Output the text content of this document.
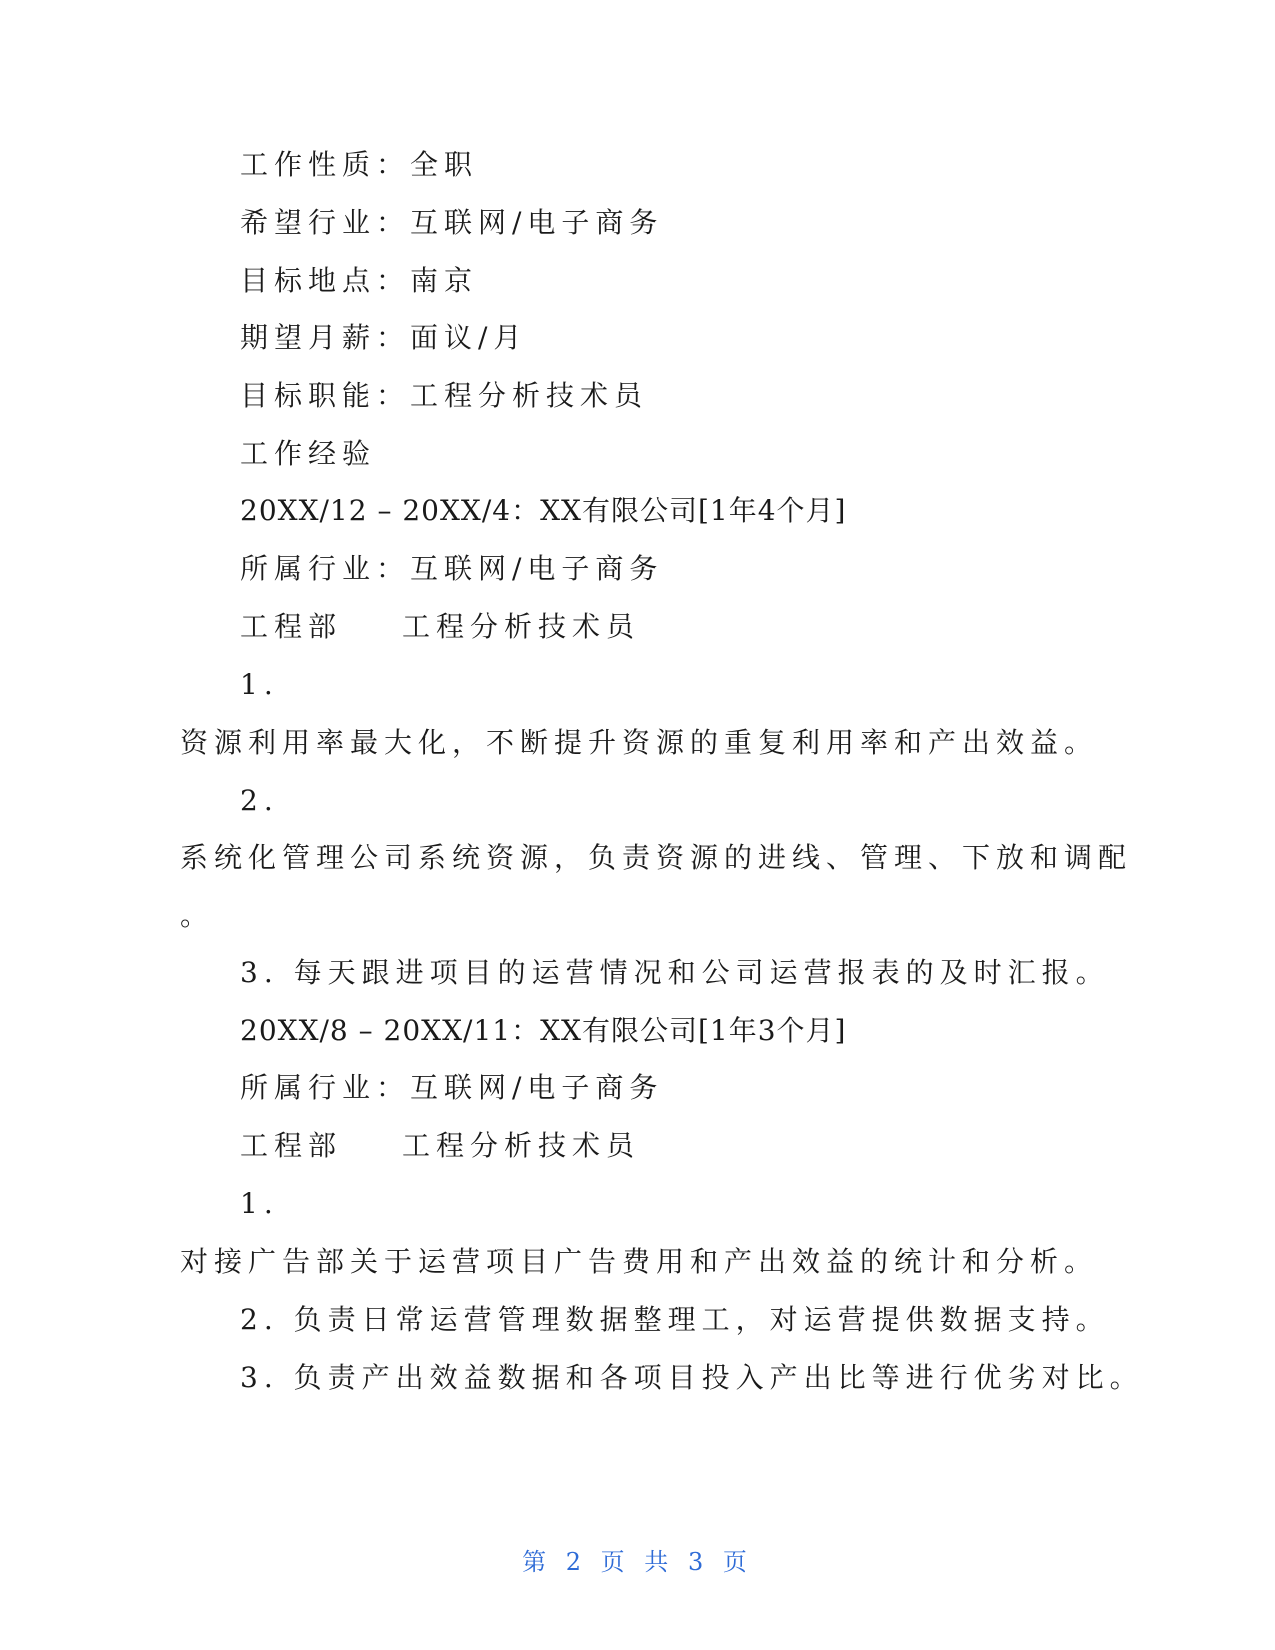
工作性质：全职

希望行业：互联网/电子商务

目标地点：南京

期望月薪：面议/月

目标职能：工程分析技术员

工作经验

20XX/12 – 20XX/4：XX有限公司[1年4个月]

所属行业：互联网/电子商务

工程部 工程分析技术员

1.

资源利用率最大化，不断提升资源的重复利用率和产出效益。

2.

系统化管理公司系统资源，负责资源的进线、管理、下放和调配

。

3. 每天跟进项目的运营情况和公司运营报表的及时汇报。

20XX/8 – 20XX/11：XX有限公司[1年3个月]

所属行业：互联网/电子商务

工程部 工程分析技术员

1.

对接广告部关于运营项目广告费用和产出效益的统计和分析。

2. 负责日常运营管理数据整理工，对运营提供数据支持。

3. 负责产出效益数据和各项目投入产出比等进行优劣对比。

第 2 页 共 3 页
